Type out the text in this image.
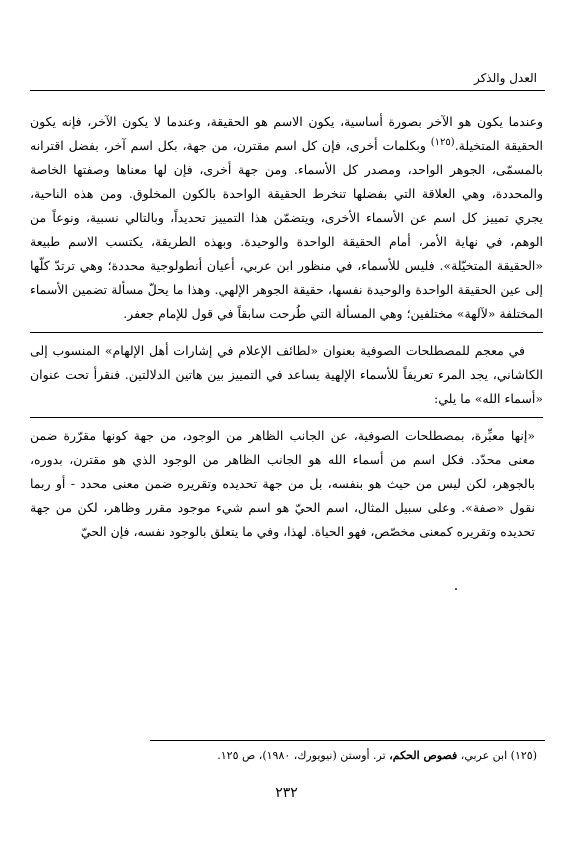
العدل والذكر

وعندما يكون هو الآخر بصورة أساسية، يكون الاسم هو الحقيقة، وعندما لا يكون الآخر، فإنه يكون الحقيقة المتخيلة.$^{(١٢٥)}$ وبكلمات أخرى، فإن كل اسم مقترن، من جهة، بكل اسم آخر، بفضل اقترانه بالمسمّى، الجوهر الواحد، ومصدر كل الأسماء. ومن جهة أخرى، فإن لها معناها وصفتها الخاصة والمحددة، وهي العلاقة التي بفضلها تنخرط الحقيقة الواحدة بالكون المخلوق. ومن هذه الناحية، يجري تمييز كل اسم عن الأسماء الأخرى، ويتضمّن هذا التمييز تحديداً، وبالتالي نسبية، ونوعاً من الوهم، في نهاية الأمر، أمام الحقيقة الواحدة والوحيدة. وبهذه الطريقة، يكتسب الاسم طبيعة «الحقيقة المتخيّلة». فليس للأسماء، في منظور ابن عربي، أعيان أنطولوجية محددة؛ وهي ترتدّ كلّها إلى عين الحقيقة الواحدة والوحيدة نفسها، حقيقة الجوهر الإلهي. وهذا ما يحلّ مسألة تضمين الأسماء المختلفة «لآلهة» مختلفين؛ وهي المسألة التي طُرحت سابقاً في قول للإمام جعفر.

في معجم للمصطلحات الصوفية بعنوان «لطائف الإعلام في إشارات أهل الإلهام» المنسوب إلى الكاشاني، يجد المرء تعريفاً للأسماء الإلهية يساعد في التمييز بين هاتين الدلالتين. فنقرأ تحت عنوان «أسماء الله» ما يلي:

«إنها معبِّرة، بمصطلحات الصوفية، عن الجانب الظاهر من الوجود، من جهة كونها مقرّرة ضمن معنى محدّد. فكل اسم من أسماء الله هو الجانب الظاهر من الوجود الذي هو مقترن، بدوره، بالجوهر، لكن ليس من حيث هو بنفسه، بل من جهة تحديده وتقريره ضمن معنى محدد - أو ربما نقول «صفة». وعلى سبيل المثال، اسم الحيّ هو اسم شيء موجود مقرر وظاهر، لكن من جهة تحديده وتقريره كمعنى مخصّص، فهو الحياة. لهذا، وفي ما يتعلق بالوجود نفسه، فإن الحيّ

(١٢٥) ابن عربي، فصوص الحكم، تر. أوستن (نيويورك، ١٩٨٠)، ص ١٢٥.
٢٣٢
